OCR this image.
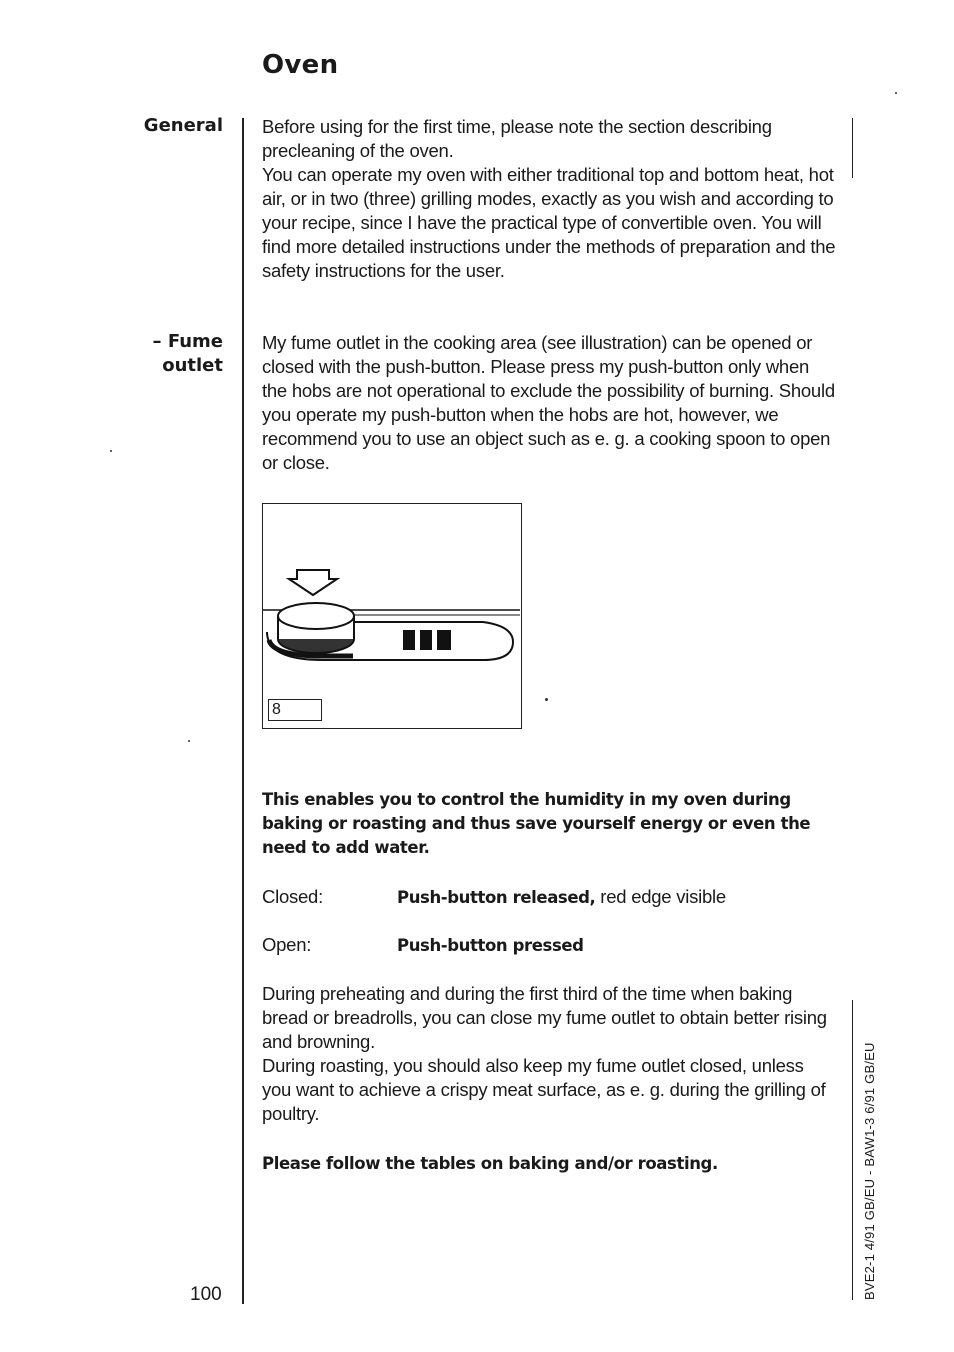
Oven
General
– Fume
outlet

Before using for the first time, please note the section describing precleaning of the oven.

You can operate my oven with either traditional top and bottom heat, hot air, or in two (three) grilling modes, exactly as you wish and according to your recipe, since I have the practical type of convertible oven. You will find more detailed instructions under the methods of preparation and the safety instructions for the user.

My fume outlet in the cooking area (see illustration) can be opened or closed with the push-button. Please press my push-button only when the hobs are not operational to exclude the possibility of burning. Should you operate my push-button when the hobs are hot, however, we recommend you to use an object such as e. g. a cooking spoon to open or close.

8
This enables you to control the humidity in my oven during baking or roasting and thus save yourself energy or even the need to add water.
Closed:	Push-button released, red edge visible
Open:	Push-button pressed

During preheating and during the first third of the time when baking bread or breadrolls, you can close my fume outlet to obtain better rising and browning.

During roasting, you should also keep my fume outlet closed, unless you want to achieve a crispy meat surface, as e. g. during the grilling of poultry.

Please follow the tables on baking and/or roasting.
100	BVE2-1 4/91 GB/EU - BAW1-3 6/91 GB/EU
